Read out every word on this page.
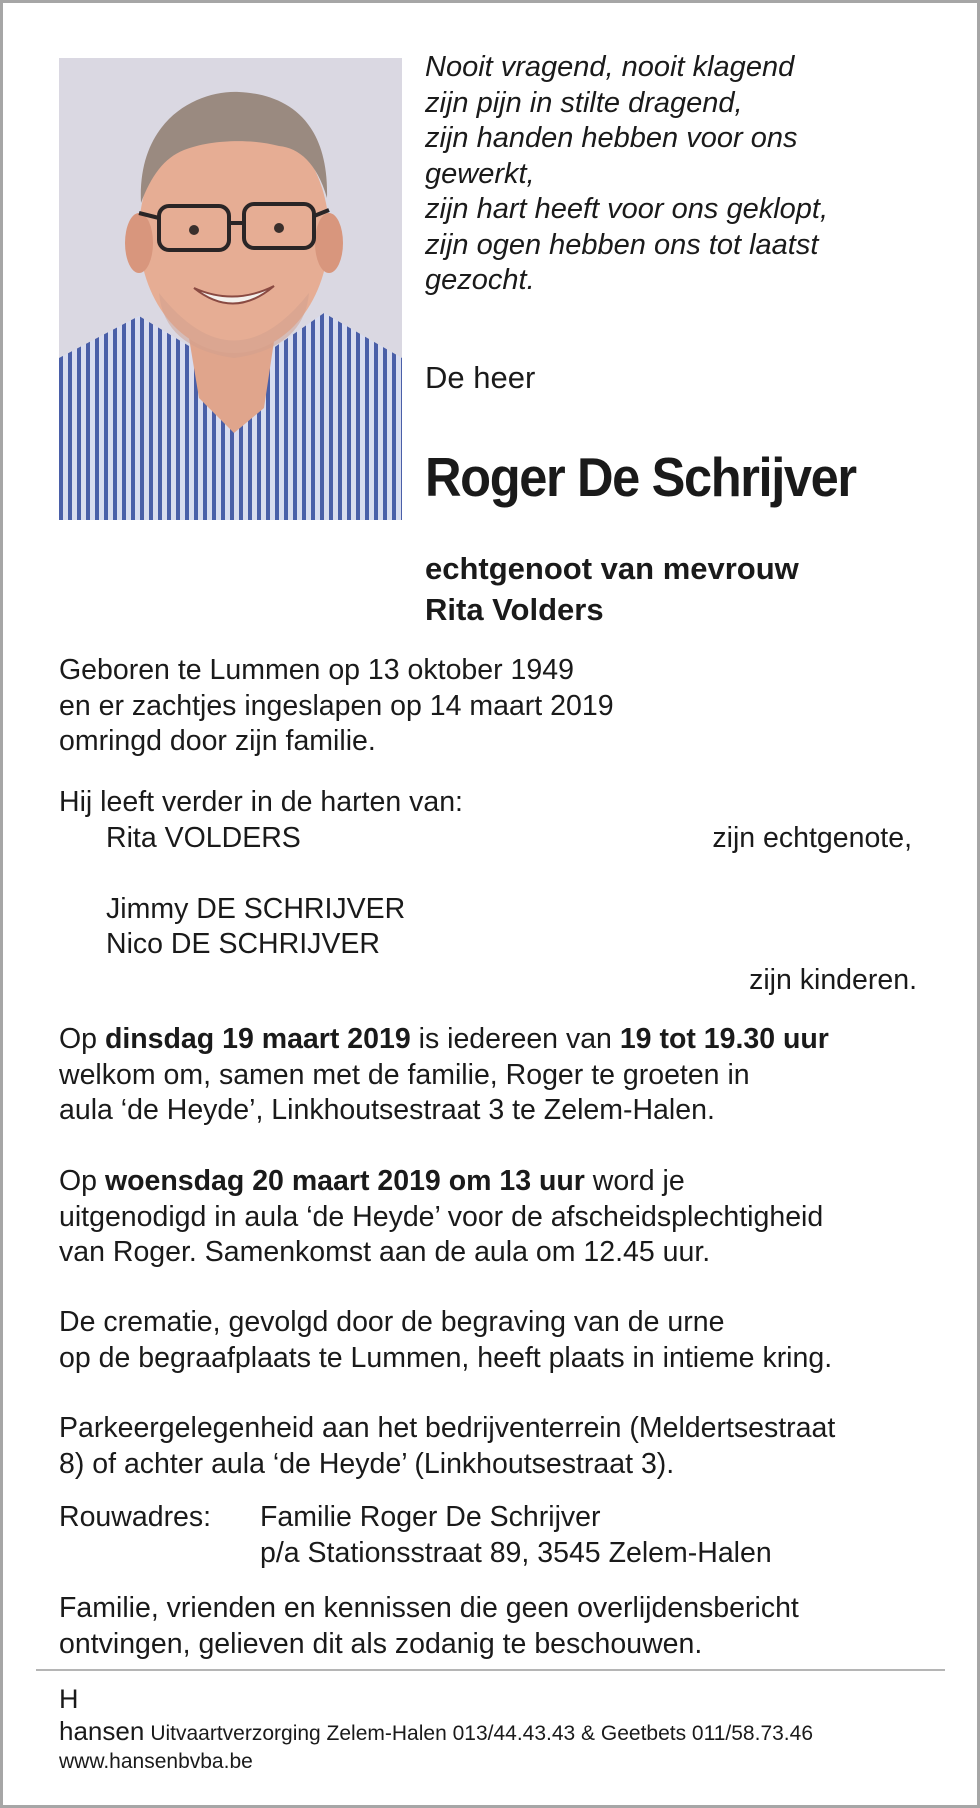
Nooit vragend, nooit klagend
zijn pijn in stilte dragend,
zijn handen hebben voor ons
gewerkt,
zijn hart heeft voor ons geklopt,
zijn ogen hebben ons tot laatst
gezocht.
De heer
Roger De Schrijver
echtgenoot van mevrouw
Rita Volders
Geboren te Lummen op 13 oktober 1949
en er zachtjes ingeslapen op 14 maart 2019
omringd door zijn familie.
Hij leeft verder in de harten van:
Rita VOLDERS	zijn echtgenote,
Jimmy DE SCHRIJVER
Nico DE SCHRIJVER
zijn kinderen.
Op dinsdag 19 maart 2019 is iedereen van 19 tot 19.30 uur
welkom om, samen met de familie, Roger te groeten in
aula ‘de Heyde’, Linkhoutsestraat 3 te Zelem-Halen.
Op woensdag 20 maart 2019 om 13 uur word je
uitgenodigd in aula ‘de Heyde’ voor de afscheidsplechtigheid
van Roger. Samenkomst aan de aula om 12.45 uur.
De crematie, gevolgd door de begraving van de urne
op de begraafplaats te Lummen, heeft plaats in intieme kring.
Parkeergelegenheid aan het bedrijventerrein (Meldertsestraat
8) of achter aula ‘de Heyde’ (Linkhoutsestraat 3).
Rouwadres: Familie Roger De Schrijver
p/a Stationsstraat 89, 3545 Zelem-Halen
Familie, vrienden en kennissen die geen overlijdensbericht
ontvingen, gelieven dit als zodanig te beschouwen.
H
hansen Uitvaartverzorging Zelem-Halen 013/44.43.43 & Geetbets 011/58.73.46
www.hansenbvba.be
